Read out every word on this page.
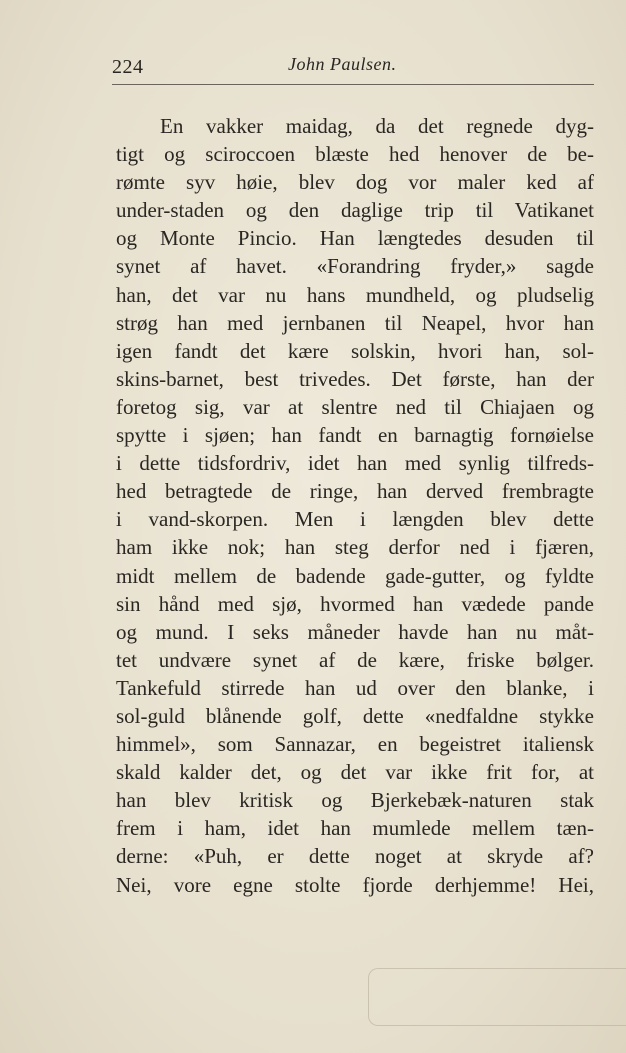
224	John Paulsen.
En vakker maidag, da det regnede dyg-
tigt og sciroccoen blæste hed henover de be-
rømte syv høie, blev dog vor maler ked af
under-staden og den daglige trip til Vatikanet
og Monte Pincio. Han længtedes desuden til
synet af havet. «Forandring fryder,» sagde
han, det var nu hans mundheld, og pludselig
strøg han med jernbanen til Neapel, hvor han
igen fandt det kære solskin, hvori han, sol-
skins-barnet, best trivedes. Det første, han der
foretog sig, var at slentre ned til Chiajaen og
spytte i sjøen; han fandt en barnagtig fornøielse
i dette tidsfordriv, idet han med synlig tilfreds-
hed betragtede de ringe, han derved frembragte
i vand-skorpen. Men i længden blev dette
ham ikke nok; han steg derfor ned i fjæren,
midt mellem de badende gade-gutter, og fyldte
sin hånd med sjø, hvormed han vædede pande
og mund. I seks måneder havde han nu måt-
tet undvære synet af de kære, friske bølger.
Tankefuld stirrede han ud over den blanke, i
sol-guld blånende golf, dette «nedfaldne stykke
himmel», som Sannazar, en begeistret italiensk
skald kalder det, og det var ikke frit for, at
han blev kritisk og Bjerkebæk-naturen stak
frem i ham, idet han mumlede mellem tæn-
derne: «Puh, er dette noget at skryde af?
Nei, vore egne stolte fjorde derhjemme! Hei,
